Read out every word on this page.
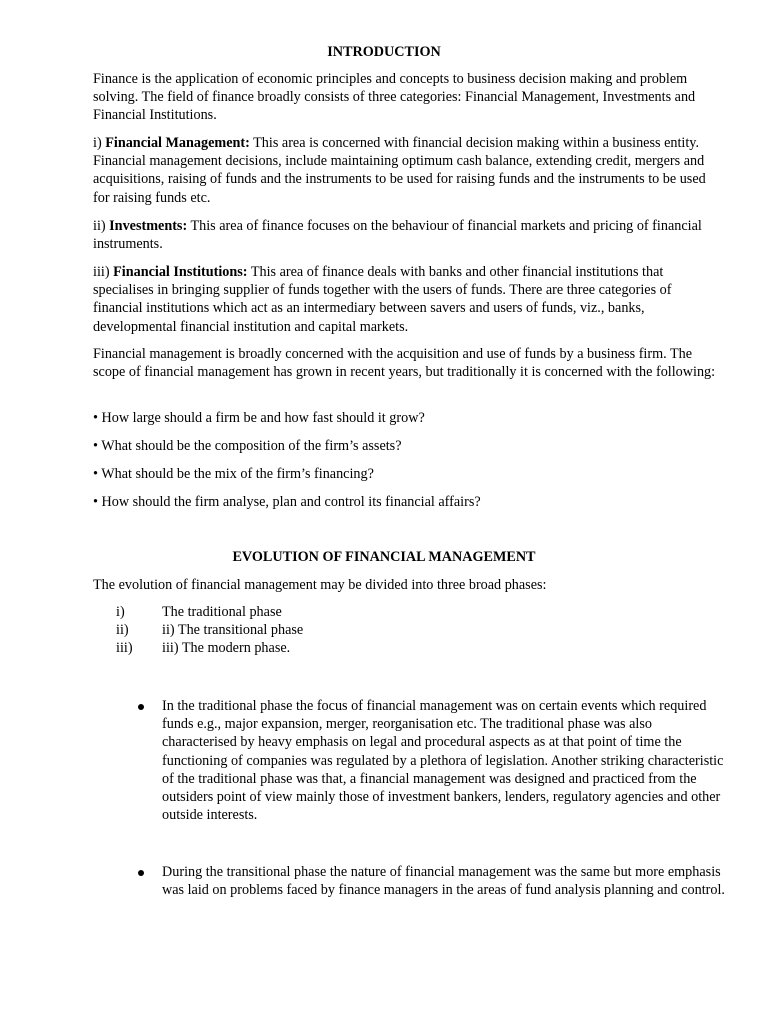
INTRODUCTION

Finance is the application of economic principles and concepts to business decision making and problem solving. The field of finance broadly consists of three categories: Financial Management, Investments and Financial Institutions.

i) Financial Management: This area is concerned with financial decision making within a business entity. Financial management decisions, include maintaining optimum cash balance, extending credit, mergers and acquisitions, raising of funds and the instruments to be used for raising funds and the instruments to be used for raising funds etc.

ii) Investments: This area of finance focuses on the behaviour of financial markets and pricing of financial instruments.

iii) Financial Institutions: This area of finance deals with banks and other financial institutions that specialises in bringing supplier of funds together with the users of funds. There are three categories of financial institutions which act as an intermediary between savers and users of funds, viz., banks, developmental financial institution and capital markets.

Financial management is broadly concerned with the acquisition and use of funds by a business firm. The scope of financial management has grown in recent years, but traditionally it is concerned with the following:

• How large should a firm be and how fast should it grow?

• What should be the composition of the firm’s assets?

• What should be the mix of the firm’s financing?

• How should the firm analyse, plan and control its financial affairs?

EVOLUTION OF FINANCIAL MANAGEMENT

The evolution of financial management may be divided into three broad phases:

i)	The traditional phase
ii) ii) The transitional phase
iii) iii) The modern phase.
In the traditional phase the focus of financial management was on certain events which required funds e.g., major expansion, merger, reorganisation etc. The traditional phase was also characterised by heavy emphasis on legal and procedural aspects as at that point of time the functioning of companies was regulated by a plethora of legislation. Another striking characteristic of the traditional phase was that, a financial management was designed and practiced from the outsiders point of view mainly those of investment bankers, lenders, regulatory agencies and other outside interests.
During the transitional phase the nature of financial management was the same but more emphasis was laid on problems faced by finance managers in the areas of fund analysis planning and control.
